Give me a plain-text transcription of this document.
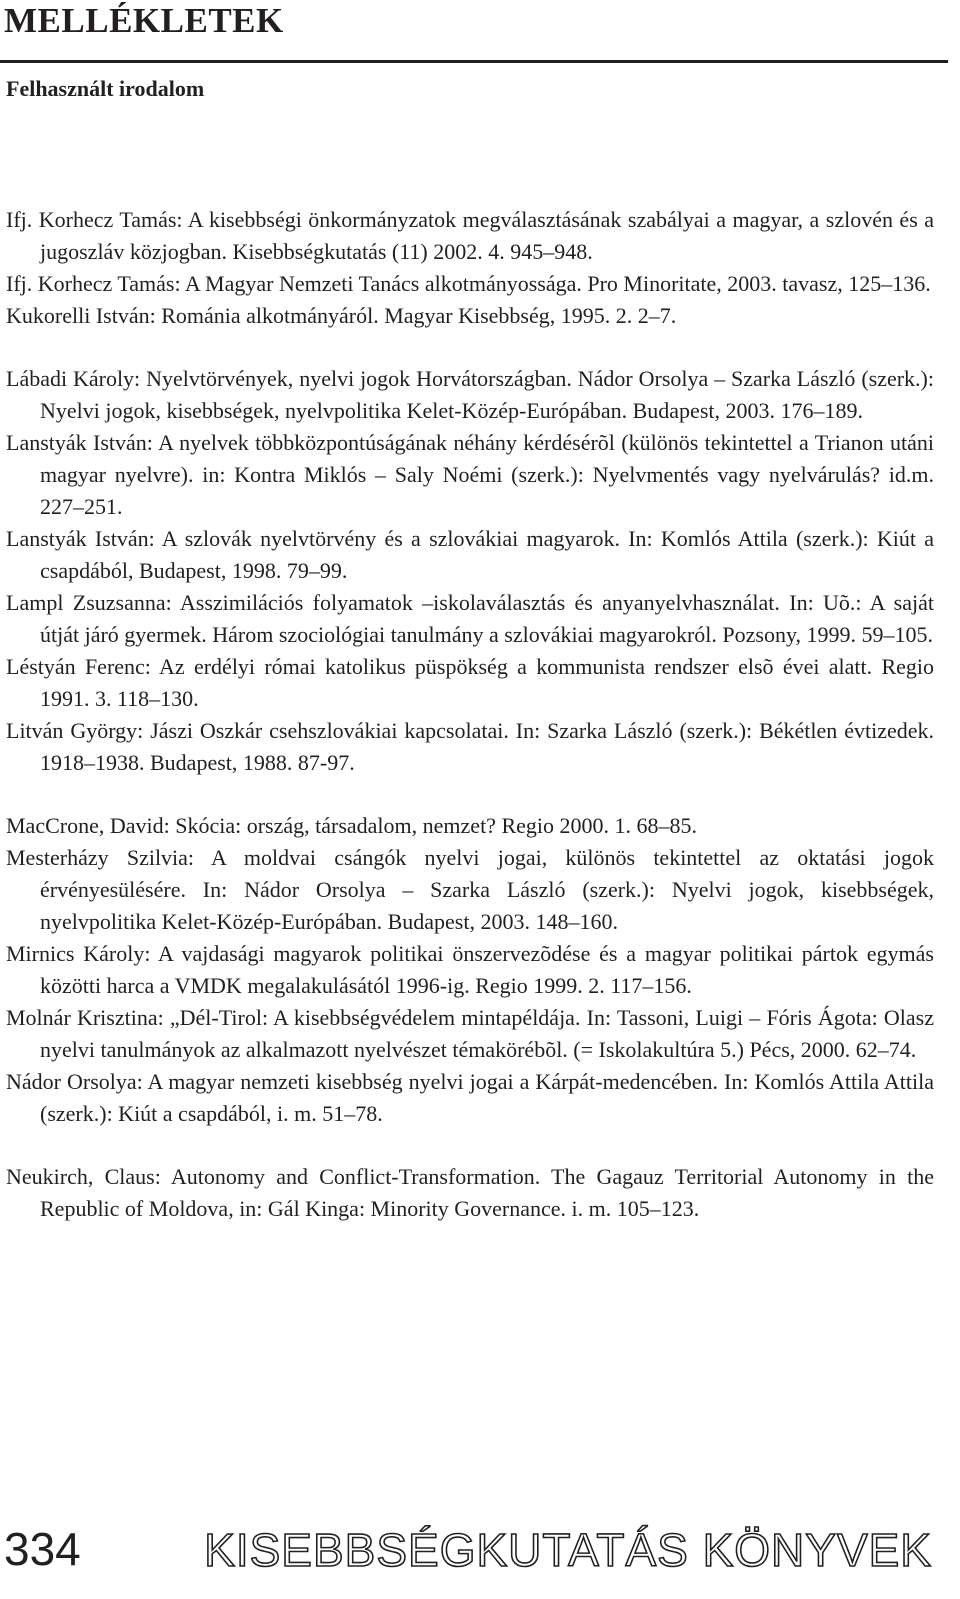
MELLÉKLETEK
Felhasznált irodalom
Ifj. Korhecz Tamás: A kisebbségi önkormányzatok megválasztásának szabályai a magyar, a szlovén és a jugoszláv közjogban. Kisebbségkutatás (11) 2002. 4. 945–948.
Ifj. Korhecz Tamás: A Magyar Nemzeti Tanács alkotmányossága. Pro Minoritate, 2003. tavasz, 125–136.
Kukorelli István: Románia alkotmányáról. Magyar Kisebbség, 1995. 2. 2–7.
Lábadi Károly: Nyelvtörvények, nyelvi jogok Horvátországban. Nádor Orsolya – Szarka László (szerk.): Nyelvi jogok, kisebbségek, nyelvpolitika Kelet-Közép-Európában. Budapest, 2003. 176–189.
Lanstyák István: A nyelvek többközpontúságának néhány kérdésérõl (különös tekintettel a Trianon utáni magyar nyelvre). in: Kontra Miklós – Saly Noémi (szerk.): Nyelvmentés vagy nyelvárulás? id.m. 227–251.
Lanstyák István: A szlovák nyelvtörvény és a szlovákiai magyarok. In: Komlós Attila (szerk.): Kiút a csapdából, Budapest, 1998. 79–99.
Lampl Zsuzsanna: Asszimilációs folyamatok –iskolaválasztás és anyanyelvhasználat. In: Uõ.: A saját útját járó gyermek. Három szociológiai tanulmány a szlovákiai magyarokról. Pozsony, 1999. 59–105.
Léstyán Ferenc: Az erdélyi római katolikus püspökség a kommunista rendszer elsõ évei alatt. Regio 1991. 3. 118–130.
Litván György: Jászi Oszkár csehszlovákiai kapcsolatai. In: Szarka László (szerk.): Békétlen évtizedek. 1918–1938. Budapest, 1988. 87-97.
MacCrone, David: Skócia: ország, társadalom, nemzet? Regio 2000. 1. 68–85.
Mesterházy Szilvia: A moldvai csángók nyelvi jogai, különös tekintettel az oktatási jogok érvényesülésére. In: Nádor Orsolya – Szarka László (szerk.): Nyelvi jogok, kisebbségek, nyelvpolitika Kelet-Közép-Európában. Budapest, 2003. 148–160.
Mirnics Károly: A vajdasági magyarok politikai önszervezõdése és a magyar politikai pártok egymás közötti harca a VMDK megalakulásától 1996-ig. Regio 1999. 2. 117–156.
Molnár Krisztina: „Dél-Tirol: A kisebbségvédelem mintapéldája. In: Tassoni, Luigi – Fóris Ágota: Olasz nyelvi tanulmányok az alkalmazott nyelvészet témakörébõl. (= Iskolakultúra 5.) Pécs, 2000. 62–74.
Nádor Orsolya: A magyar nemzeti kisebbség nyelvi jogai a Kárpát-medencében. In: Komlós Attila Attila (szerk.): Kiút a csapdából, i. m. 51–78.
Neukirch, Claus: Autonomy and Conflict-Transformation. The Gagauz Territorial Autonomy in the Republic of Moldova, in: Gál Kinga: Minority Governance. i. m. 105–123.
334	KISEBBSÉGKUTATÁS KÖNYVEK
